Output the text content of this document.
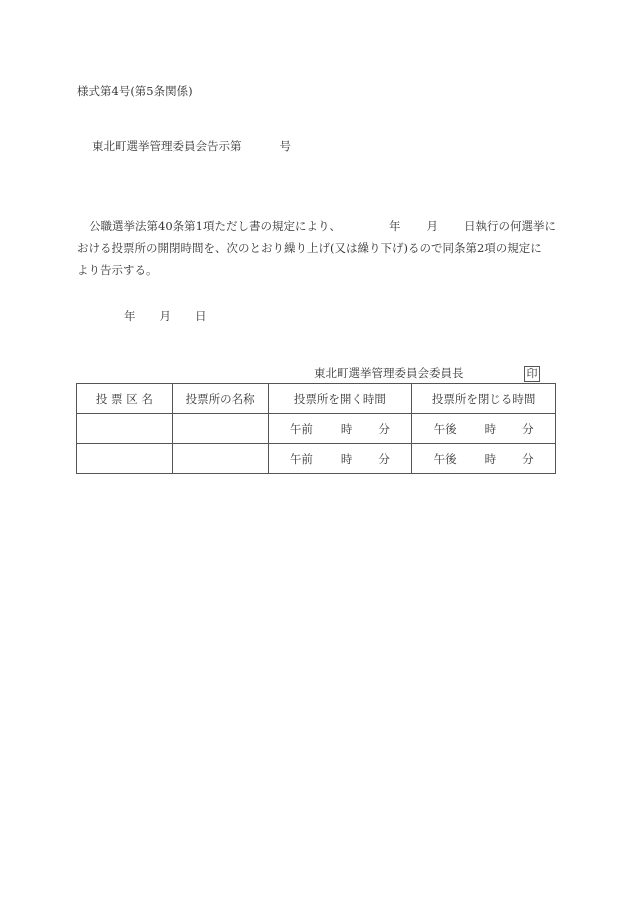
様式第4号(第5条関係)
東北町選挙管理委員会告示第	号
公職選挙法第40条第1項ただし書の規定により、	年 月 日執行の何選挙に
おける投票所の開閉時間を、次のとおり繰り上げ(又は繰り下げ)るので同条第2項の規定に
より告示する。
年 月 日
東北町選挙管理委員会委員長	印
投 票 区 名	投票所の名称	投票所を開く時間	投票所を閉じる時間
		午前 時 分	午後 時 分
		午前 時 分	午後 時 分
